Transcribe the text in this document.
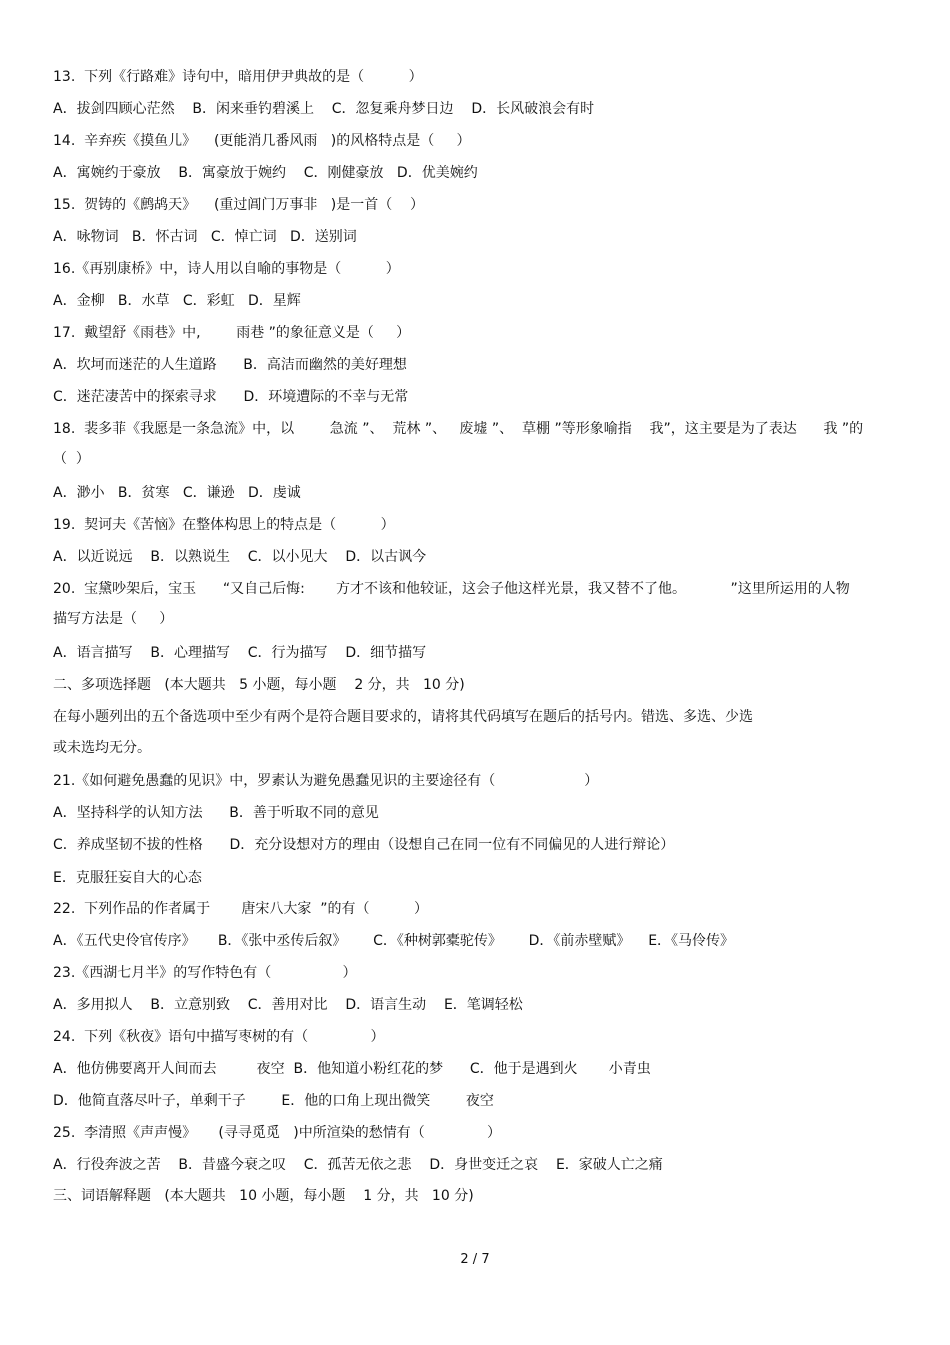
13.  下列《行路难》诗句中，暗用伊尹典故的是（          ）
A．拔剑四顾心茫然    B．闲来垂钓碧溪上    C．忽复乘舟梦日边    D．长风破浪会有时
14.  辛弃疾《摸鱼儿》    (更能消几番风雨   )的风格特点是（     ）
A．寓婉约于豪放    B．寓豪放于婉约    C．刚健豪放   D．优美婉约
15.  贺铸的《鹧鸪天》    (重过阊门万事非   )是一首（    ）
A．咏物词   B．怀古词   C．悼亡词   D．送别词
16.《再别康桥》中，诗人用以自喻的事物是（          ）
A．金柳   B．水草   C．彩虹   D．星辉
17.  戴望舒《雨巷》中,        雨巷 ”的象征意义是（     ）
A．坎坷而迷茫的人生道路      B．高洁而幽然的美好理想
C．迷茫凄苦中的探索寻求      D．环境遭际的不幸与无常
18.  裴多菲《我愿是一条急流》中，以        急流 ”、  荒林 ”、   废墟 ”、  草棚 ”等形象喻指    我”，这主要是为了表达      我 ”的
（  ）
A．渺小   B．贫寒   C．谦逊   D．虔诚
19.  契诃夫《苦恼》在整体构思上的特点是（          ）
A．以近说远    B．以熟说生    C．以小见大    D．以古讽今
20.  宝黛吵架后，宝玉      “又自己后悔:       方才不该和他较证，这会子他这样光景，我又替不了他。          ”这里所运用的人物
描写方法是（     ）
A．语言描写    B．心理描写    C．行为描写    D．细节描写
二、多项选择题   (本大题共   5 小题，每小题    2 分，共   10 分)
在每小题列出的五个备选项中至少有两个是符合题目要求的，请将其代码填写在题后的括号内。错选、多选、少选
或未选均无分。
21.《如何避免愚蠢的见识》中，罗素认为避免愚蠢见识的主要途径有（                    ）
A．坚持科学的认知方法      B．善于听取不同的意见
C．养成坚韧不拔的性格      D．充分设想对方的理由（设想自己在同一位有不同偏见的人进行辩论）
E．克服狂妄自大的心态
22.  下列作品的作者属于       唐宋八大家  ”的有（          ）
A．《五代史伶官传序》     B．《张中丞传后叙》      C．《种树郭橐驼传》      D．《前赤壁赋》    E．《马伶传》
23.《西湖七月半》的写作特色有（                ）
A．多用拟人    B．立意别致    C．善用对比    D．语言生动    E．笔调轻松
24.  下列《秋夜》语句中描写枣树的有（              ）
A．他仿佛要离开人间而去         夜空  B．他知道小粉红花的梦      C．他于是遇到火       小青虫
D．他简直落尽叶子，单剩干子        E．他的口角上现出微笑        夜空
25.  李清照《声声慢》     (寻寻觅觅   )中所渲染的愁情有（              ）
A．行役奔波之苦    B．昔盛今衰之叹    C．孤苦无依之悲    D．身世变迁之哀    E．家破人亡之痛
三、词语解释题   (本大题共   10 小题，每小题    1 分，共   10 分)
2 / 7
